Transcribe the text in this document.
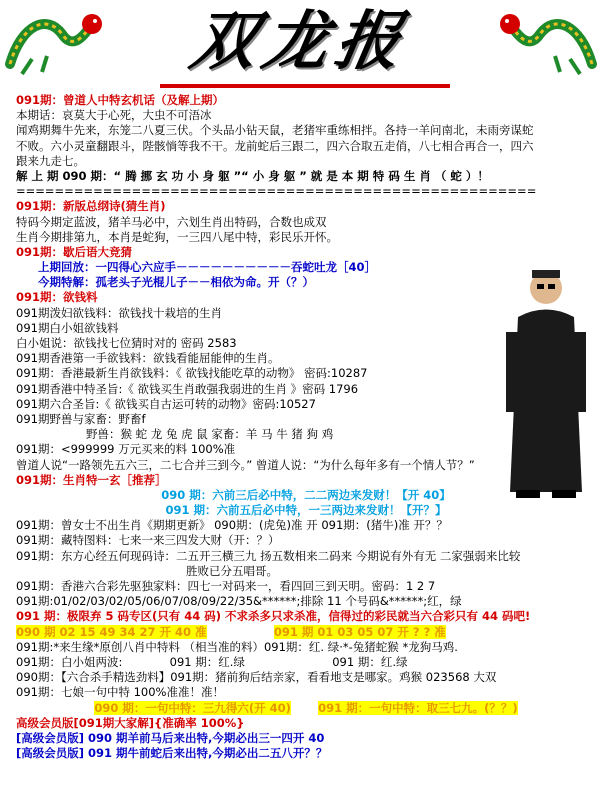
双龙报
091期：曾道人中特玄机话（及解上期）
本期话：哀莫大于心死，大虫不可浯冰
闻鸡期舞牛先来，东笼二八夏三伏。个头品小钻天鼠，老猪牢重练相拌。各持一羊问南北，未雨旁谋蛇
不败。六小灵童翻跟斗，陛骸惝等我不干。龙前蛇后三跟二，四六合取五走俏，八七相合再合一，四六
跟来九走七。
解 上 期 090 期：“ 腾 挪 玄 功 小 身 躯 ”“ 小 身 躯 ” 就 是 本 期 特 码 生 肖 （ 蛇 ）！
======================================================
091期：新版总纲诗(猜生肖)
特码今期定蓝波，猪羊马必中，六划生肖出特码，合数也成双
生肖今期排第九，本肖是蛇狗，一三四八尾中特，彩民乐开怀。
091期：歇后语大竞猜
上期回放：一四得心六应手－－－－－－－－－－吞蛇吐龙［40］
今期特解：孤老头子光棍儿子－－相依为命。开（？）
091期：欲钱料
091期泼妇欲钱料：欲钱找十栽培的生肖
091期白小姐欲钱料
白小姐说：欲钱找七位猜时对的 密码 2583
091期香港第一手欲钱料：欲钱看能屈能伸的生肖。
091期：香港最新生肖欲钱料：《 欲钱找能吃草的动物》 密码:10287
091期香港中特圣旨:《 欲钱买生肖敢强我弱进的生肖 》密码 1796
091期六合圣旨:《 欲钱买自古运可转的动物》密码:10527
091期野兽与家畜：野畜f
野兽：猴 蛇 龙 兔 虎 鼠 家畜：羊 马 牛 猪 狗 鸡
091期：<999999 万元买来的料 100%准
曾道人说“一路领先五六三，二七合并三到今。” 曾道人说：“为什么每年多有一个情人节？”
091期：生肖特一玄［推荐］
090 期：六前三后必中特，二二两边来发财！【开 40】
091 期：六前五后必中特，一三两边来发财！【开？】
091期：曾女士不出生肖《期期更新》 090期：(虎兔)准 开 091期：(猪牛)准 开？？
091期：藏特图料：七来一来三四发大财（开：？）
091期：东方心经五何现码诗：二五开三横三九 扬五数相来二码来 今期说有外有无 二家强弱来比较
胜败已分五唱哥。
091期：香港六合彩先驱独家料：四七一对码来一，看四回三到天明。密码：1 2 7
091期:01/02/03/02/05/06/07/08/09/22/35&******;排除 11 个号码&******;红，绿
091 期：极限弃 5 码专区(只有 44 码) 不求杀多只求杀准，信得过的彩民就当六合彩只有 44 码吧!
090 期 02 15 49 34 27 开 40 准	091 期 01 03 05 07 开 ? ? 准
091期:*来生缘*原创八肖中特料 （相当准的料）091期：红. 绿·*-兔猪蛇猴 *龙狗马鸡.
091期：白小姐两波:	091 期：红.绿	091 期：红.绿
090期：【六合杀手精选劲料】091期：猪前狗后结亲家，看看地支是哪家。鸡猴 023568 大双
091期：七娘一句中特 100%准准！准！
090 期：一句中特：三九得六(开 40) 091 期：一句中特：取三七九。(？？)
高级会员版[091期大家解]{准确率 100%}
[高级会员版] 090 期羊前马后来出特,今期必出三一四开 40
[高级会员版] 091 期牛前蛇后来出特,今期必出二五八开？？
